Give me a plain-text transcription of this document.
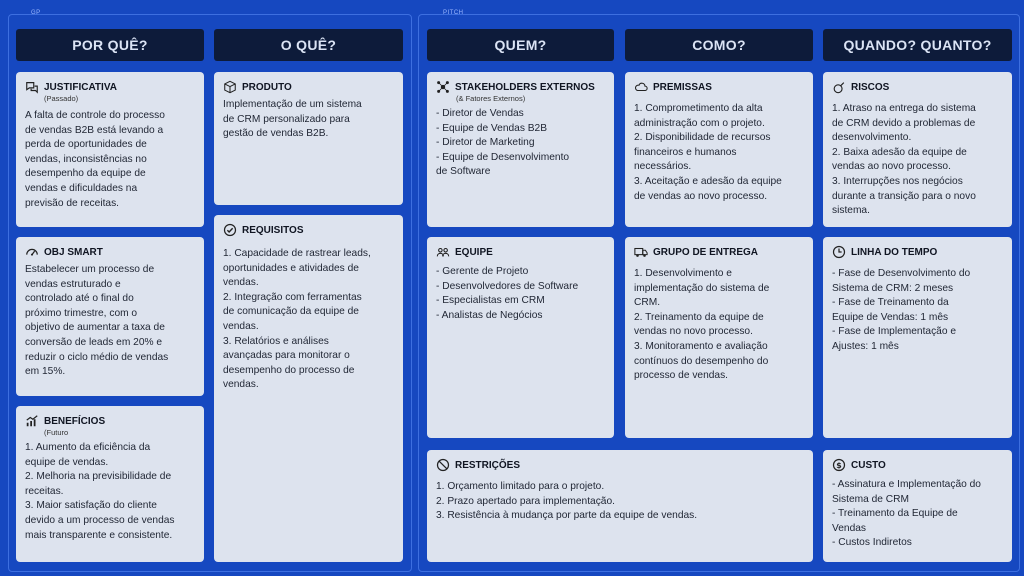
GP	PITCH
POR QUÊ?	O QUÊ?	QUEM?	COMO?	QUANDO? QUANTO?
JUSTIFICATIVA
(Passado)
A falta de controle do processo
de vendas B2B está levando a
perda de oportunidades de
vendas, inconsistências no
desempenho da equipe de
vendas e dificuldades na
previsão de receitas.
OBJ SMART
Estabelecer um processo de
vendas estruturado e
controlado até o final do
próximo trimestre, com o
objetivo de aumentar a taxa de
conversão de leads em 20% e
reduzir o ciclo médio de vendas
em 15%.
BENEFÍCIOS
(Futuro
1. Aumento da eficiência da
equipe de vendas.
2. Melhoria na previsibilidade de
receitas.
3. Maior satisfação do cliente
devido a um processo de vendas
mais transparente e consistente.
PRODUTO
Implementação de um sistema
de CRM personalizado para
gestão de vendas B2B.
REQUISITOS
1. Capacidade de rastrear leads,
oportunidades e atividades de
vendas.
2. Integração com ferramentas
de comunicação da equipe de
vendas.
3. Relatórios e análises
avançadas para monitorar o
desempenho do processo de
vendas.
STAKEHOLDERS EXTERNOS
(& Fatores Externos)
- Diretor de Vendas
- Equipe de Vendas B2B
- Diretor de Marketing
- Equipe de Desenvolvimento
de Software
EQUIPE
- Gerente de Projeto
- Desenvolvedores de Software
- Especialistas em CRM
- Analistas de Negócios
RESTRIÇÕES
1. Orçamento limitado para o projeto.
2. Prazo apertado para implementação.
3. Resistência à mudança por parte da equipe de vendas.
PREMISSAS
1. Comprometimento da alta
administração com o projeto.
2. Disponibilidade de recursos
financeiros e humanos
necessários.
3. Aceitação e adesão da equipe
de vendas ao novo processo.
GRUPO DE ENTREGA
1. Desenvolvimento e
implementação do sistema de
CRM.
2. Treinamento da equipe de
vendas no novo processo.
3. Monitoramento e avaliação
contínuos do desempenho do
processo de vendas.
RISCOS
1. Atraso na entrega do sistema
de CRM devido a problemas de
desenvolvimento.
2. Baixa adesão da equipe de
vendas ao novo processo.
3. Interrupções nos negócios
durante a transição para o novo
sistema.
LINHA DO TEMPO
- Fase de Desenvolvimento do
Sistema de CRM: 2 meses
- Fase de Treinamento da
Equipe de Vendas: 1 mês
- Fase de Implementação e
Ajustes: 1 mês
$ CUSTO
- Assinatura e Implementação do
Sistema de CRM
- Treinamento da Equipe de
Vendas
- Custos Indiretos
